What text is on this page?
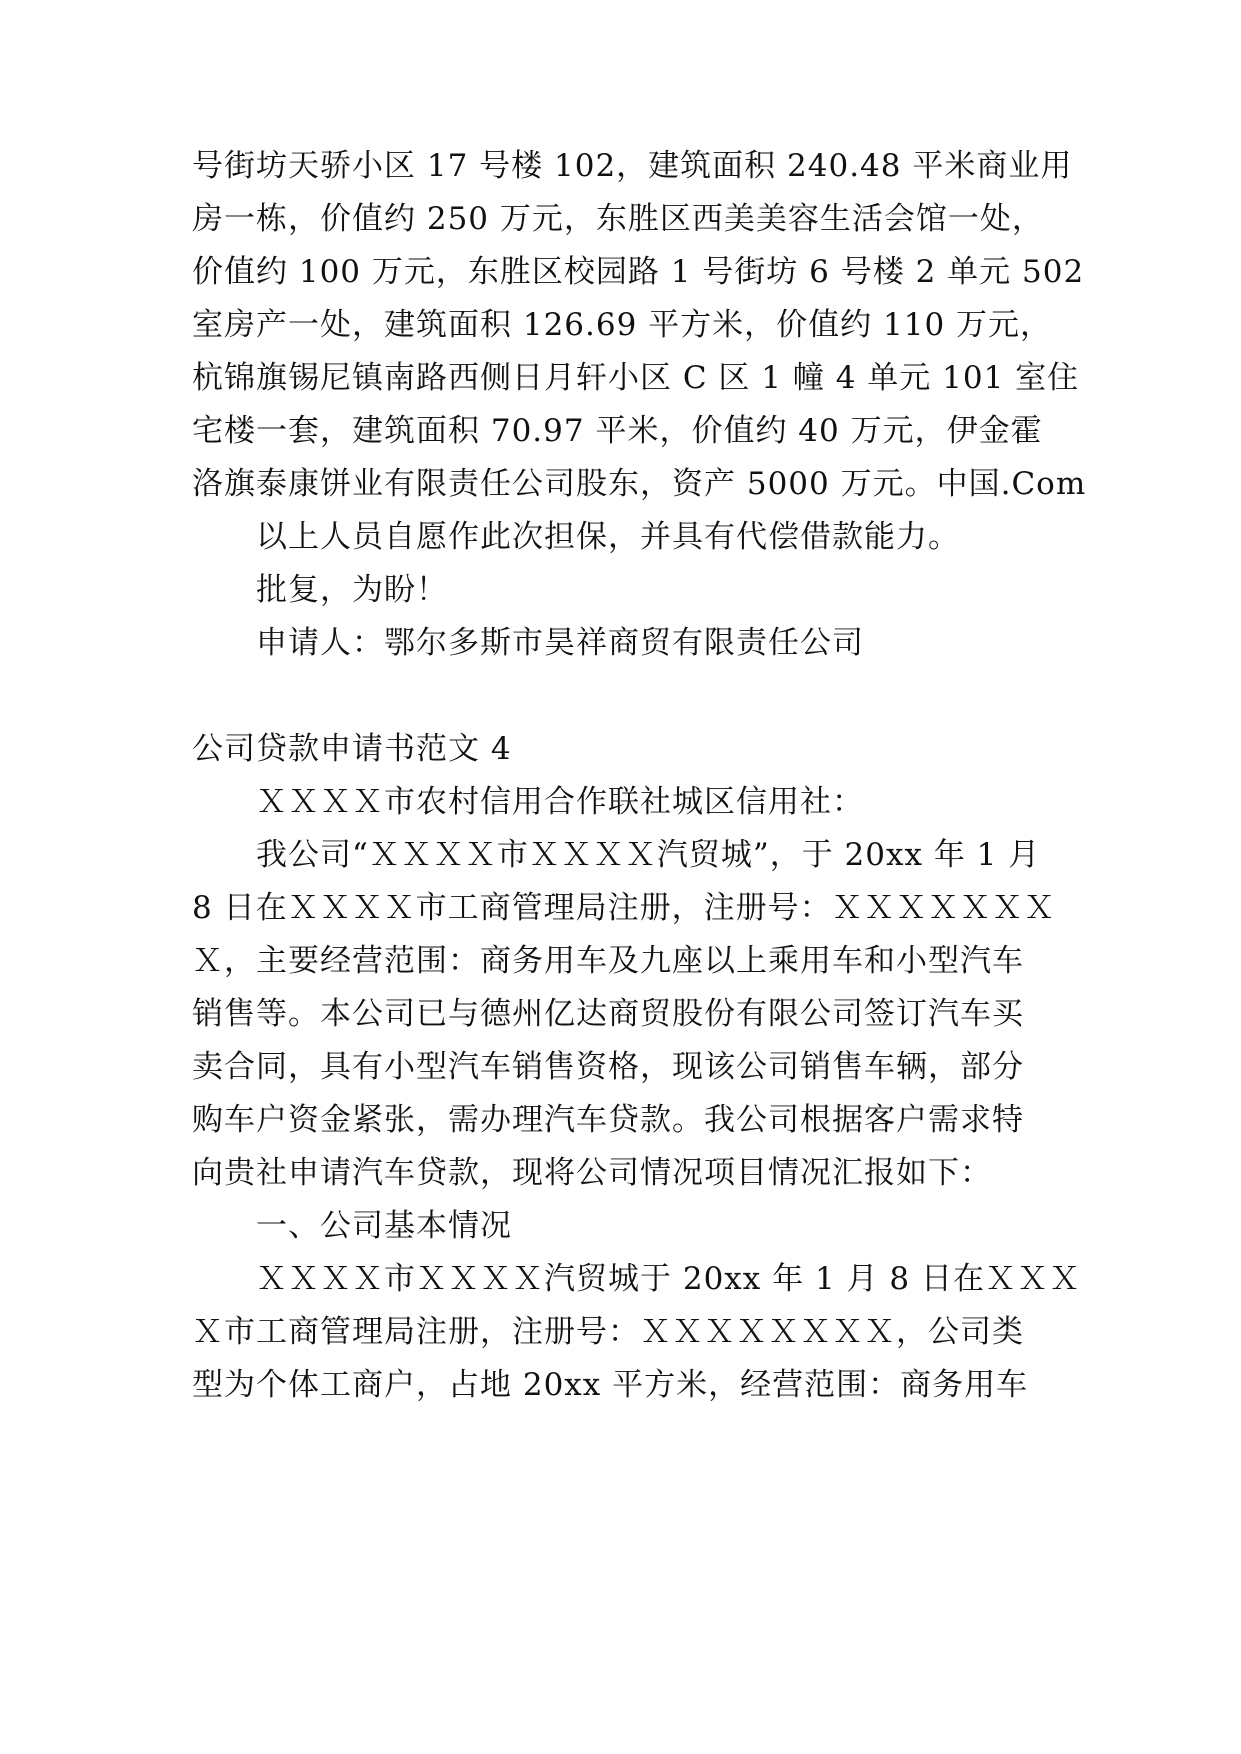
号街坊天骄小区 17 号楼 102，建筑面积 240.48 平米商业用
房一栋，价值约 250 万元，东胜区西美美容生活会馆一处，
价值约 100 万元，东胜区校园路 1 号街坊 6 号楼 2 单元 502
室房产一处，建筑面积 126.69 平方米，价值约 110 万元，
杭锦旗锡尼镇南路西侧日月轩小区 C 区 1 幢 4 单元 101 室住
宅楼一套，建筑面积 70.97 平米，价值约 40 万元，伊金霍
洛旗泰康饼业有限责任公司股东，资产 5000 万元。中国.Com
以上人员自愿作此次担保，并具有代偿借款能力。
批复，为盼！
申请人：鄂尔多斯市昊祥商贸有限责任公司
公司贷款申请书范文 4
ＸＸＸＸ市农村信用合作联社城区信用社：
我公司“ＸＸＸＸ市ＸＸＸＸ汽贸城”，于 20xx 年 1 月
8 日在ＸＸＸＸ市工商管理局注册，注册号：ＸＸＸＸＸＸＸ
Ｘ，主要经营范围：商务用车及九座以上乘用车和小型汽车
销售等。本公司已与德州亿达商贸股份有限公司签订汽车买
卖合同，具有小型汽车销售资格，现该公司销售车辆，部分
购车户资金紧张，需办理汽车贷款。我公司根据客户需求特
向贵社申请汽车贷款，现将公司情况项目情况汇报如下：
一、公司基本情况
ＸＸＸＸ市ＸＸＸＸ汽贸城于 20xx 年 1 月 8 日在ＸＸＸ
Ｘ市工商管理局注册，注册号：ＸＸＸＸＸＸＸＸ，公司类
型为个体工商户，占地 20xx 平方米，经营范围：商务用车
